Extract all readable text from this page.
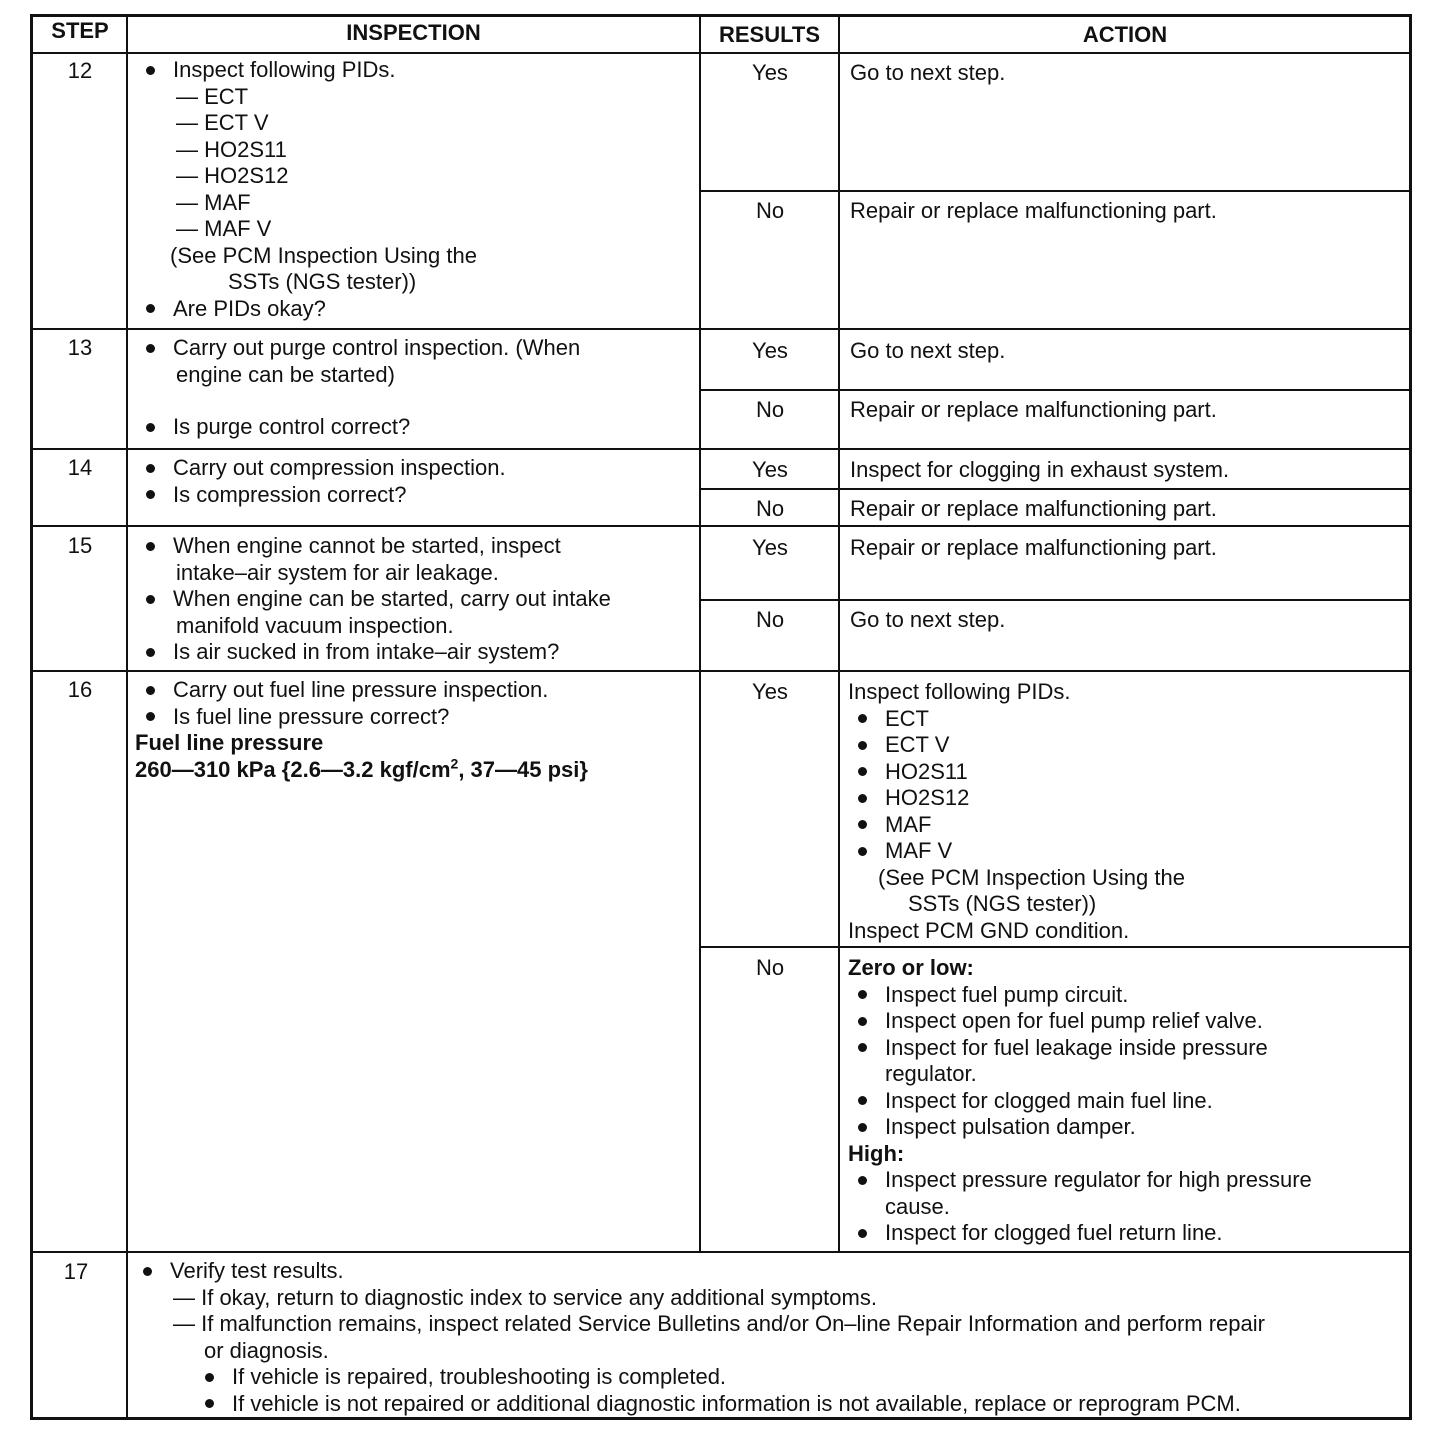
STEP	INSPECTION	RESULTS	ACTION
12	Inspect following PIDs.
— ECT
— ECT V
— HO2S11
— HO2S12
— MAF
— MAF V
(See PCM Inspection Using the
SSTs (NGS tester))
Are PIDs okay?
Yes	Go to next step.
No	Repair or replace malfunctioning part.
13	Carry out purge control inspection. (When
engine can be started)
Is purge control correct?
Yes	Go to next step.
No	Repair or replace malfunctioning part.
14	Carry out compression inspection.
Is compression correct?
Yes	Inspect for clogging in exhaust system.
No	Repair or replace malfunctioning part.
15	When engine cannot be started, inspect
intake–air system for air leakage.
When engine can be started, carry out intake
manifold vacuum inspection.
Is air sucked in from intake–air system?
Yes	Repair or replace malfunctioning part.
No	Go to next step.
16	Carry out fuel line pressure inspection.
Is fuel line pressure correct?
Fuel line pressure
260—310 kPa {2.6—3.2 kgf/$cm^2$, 37—45 psi}
Yes	Inspect following PIDs.
ECT
ECT V
HO2S11
HO2S12
MAF
MAF V
(See PCM Inspection Using the
SSTs (NGS tester))
Inspect PCM GND condition.
No	Zero or low:
Inspect fuel pump circuit.
Inspect open for fuel pump relief valve.
Inspect for fuel leakage inside pressure
regulator.
Inspect for clogged main fuel line.
Inspect pulsation damper.
High:
Inspect pressure regulator for high pressure
cause.
Inspect for clogged fuel return line.
17	Verify test results.
— If okay, return to diagnostic index to service any additional symptoms.
— If malfunction remains, inspect related Service Bulletins and/or On–line Repair Information and perform repair
or diagnosis.
If vehicle is repaired, troubleshooting is completed.
If vehicle is not repaired or additional diagnostic information is not available, replace or reprogram PCM.
